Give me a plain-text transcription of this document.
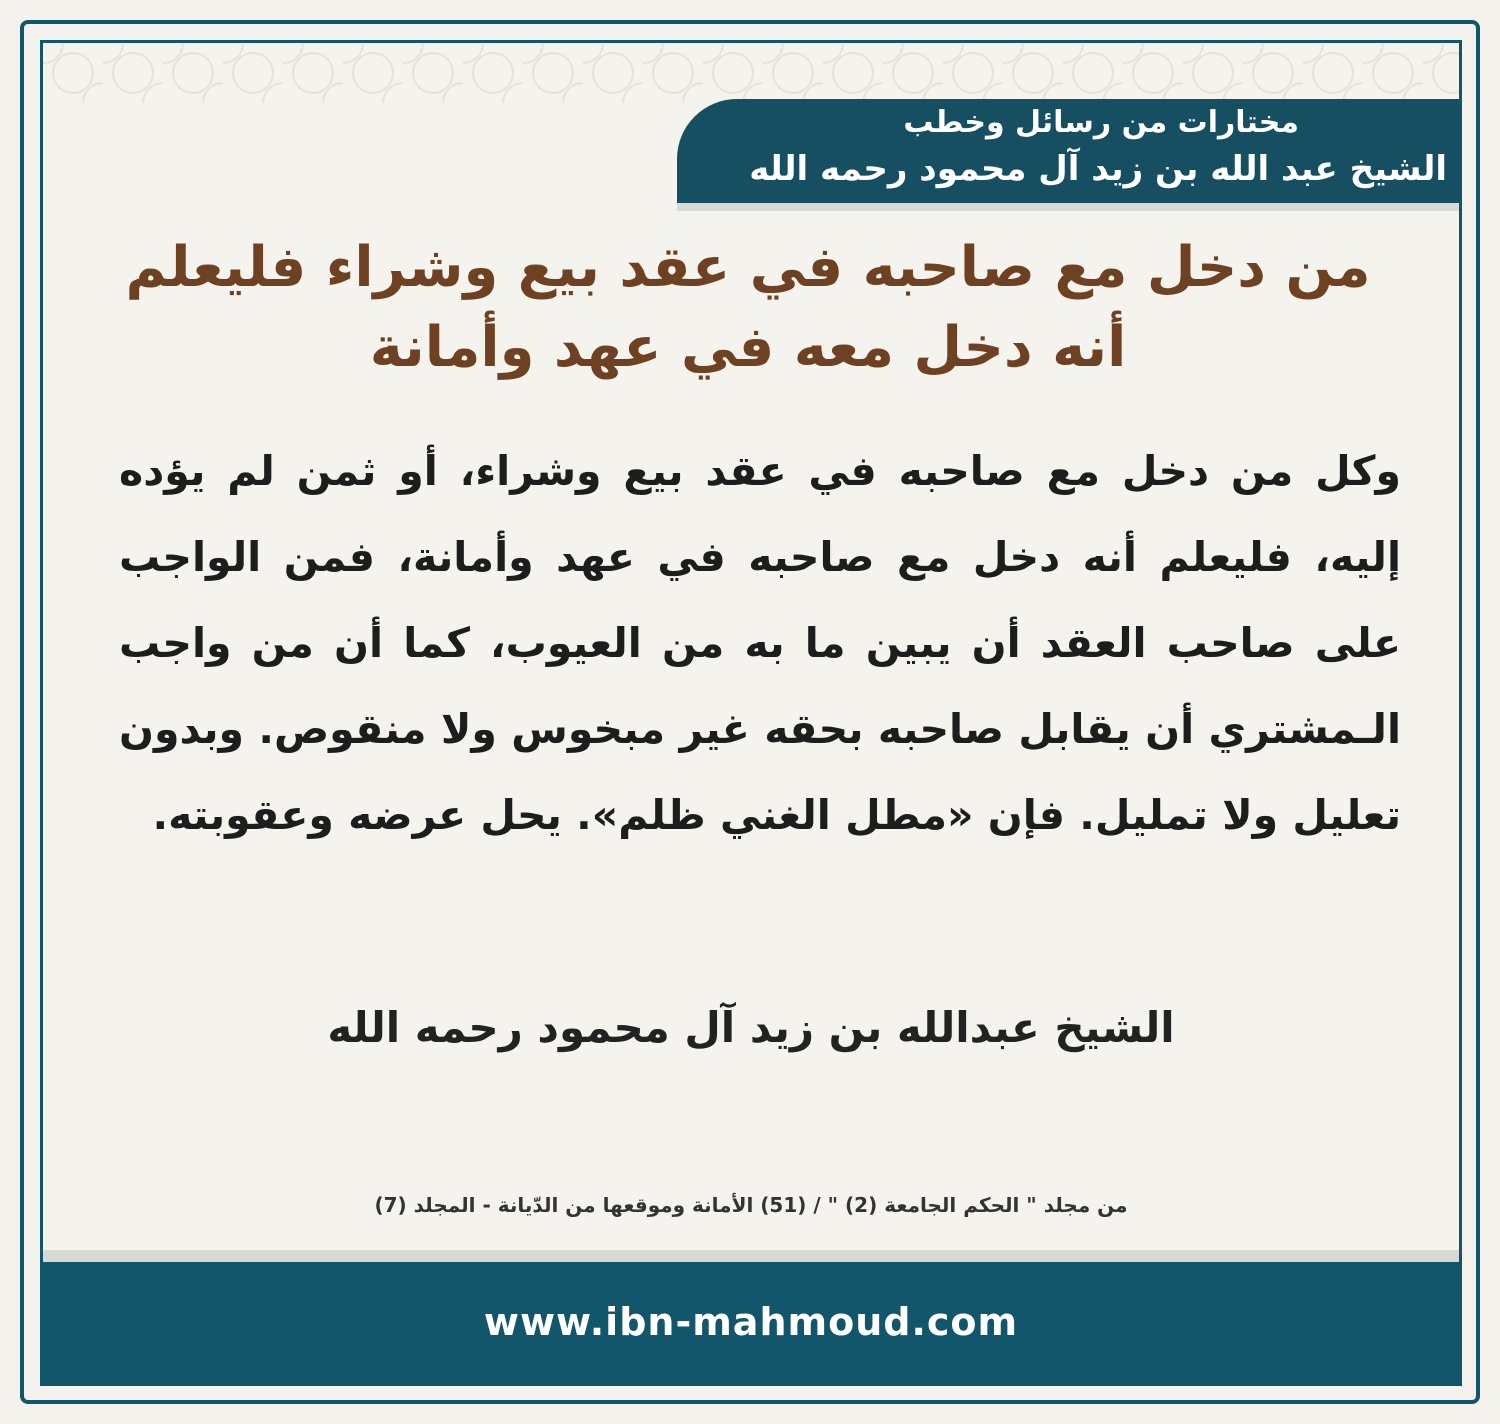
مختارات من رسائل وخطب
الشيخ عبد الله بن زيد آل محمود رحمه الله
من دخل مع صاحبه في عقد بيع وشراء فليعلم
أنه دخل معه في عهد وأمانة
وكل من دخل مع صاحبه في عقد بيع وشراء، أو ثمن لم يؤده إليه، فليعلم أنه دخل مع صاحبه في عهد وأمانة، فمن الواجب على صاحب العقد أن يبين ما به من العيوب، كما أن من واجب الـمشتري أن يقابل صاحبه بحقه غير مبخوس ولا منقوص. وبدون تعليل ولا تمليل. فإن «مطل الغني ظلم». يحل عرضه وعقوبته.
الشيخ عبدالله بن زيد آل محمود رحمه الله
من مجلد " الحكم الجامعة (2) " / (51) الأمانة وموقعها من الدّيانة - المجلد (7)
www.ibn-mahmoud.com
